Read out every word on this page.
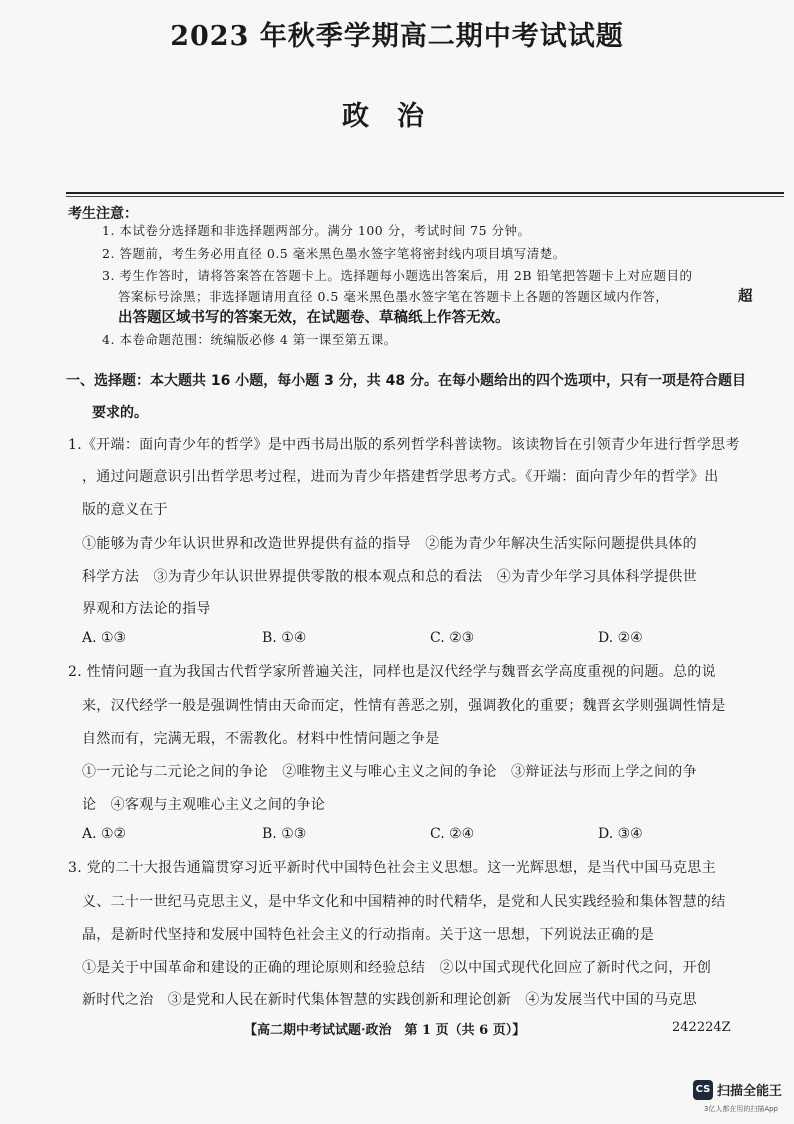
2023 年秋季学期高二期中考试试题
政治
考生注意：
1. 本试卷分选择题和非选择题两部分。满分 100 分，考试时间 75 分钟。
2. 答题前，考生务必用直径 0.5 毫米黑色墨水签字笔将密封线内项目填写清楚。
3. 考生作答时，请将答案答在答题卡上。选择题每小题选出答案后，用 2B 铅笔把答题卡上对应题目的
答案标号涂黑；非选择题请用直径 0.5 毫米黑色墨水签字笔在答题卡上各题的答题区域内作答，	超
出答题区域书写的答案无效，在试题卷、草稿纸上作答无效。
4. 本卷命题范围：统编版必修 4 第一课至第五课。
一、选择题：本大题共 16 小题，每小题 3 分，共 48 分。在每小题给出的四个选项中，只有一项是符合题目
要求的。
1.《开端：面向青少年的哲学》是中西书局出版的系列哲学科普读物。该读物旨在引领青少年进行哲学思考
，通过问题意识引出哲学思考过程，进而为青少年搭建哲学思考方式。《开端：面向青少年的哲学》出
版的意义在于
①能够为青少年认识世界和改造世界提供有益的指导　②能为青少年解决生活实际问题提供具体的
科学方法　③为青少年认识世界提供零散的根本观点和总的看法　④为青少年学习具体科学提供世
界观和方法论的指导
A. ①③	B. ①④	C. ②③	D. ②④
2. 性情问题一直为我国古代哲学家所普遍关注，同样也是汉代经学与魏晋玄学高度重视的问题。总的说
来，汉代经学一般是强调性情由天命而定，性情有善恶之别，强调教化的重要；魏晋玄学则强调性情是
自然而有，完满无瑕，不需教化。材料中性情问题之争是
①一元论与二元论之间的争论　②唯物主义与唯心主义之间的争论　③辩证法与形而上学之间的争
论　④客观与主观唯心主义之间的争论
A. ①②	B. ①③	C. ②④	D. ③④
3. 党的二十大报告通篇贯穿习近平新时代中国特色社会主义思想。这一光辉思想，是当代中国马克思主
义、二十一世纪马克思主义，是中华文化和中国精神的时代精华，是党和人民实践经验和集体智慧的结
晶，是新时代坚持和发展中国特色社会主义的行动指南。关于这一思想，下列说法正确的是
①是关于中国革命和建设的正确的理论原则和经验总结　②以中国式现代化回应了新时代之问，开创
新时代之治　③是党和人民在新时代集体智慧的实践创新和理论创新　④为发展当代中国的马克思
【高二期中考试试题·政治　第 1 页（共 6 页）】	242224Z
CS 扫描全能王
3亿人都在用的扫描App
